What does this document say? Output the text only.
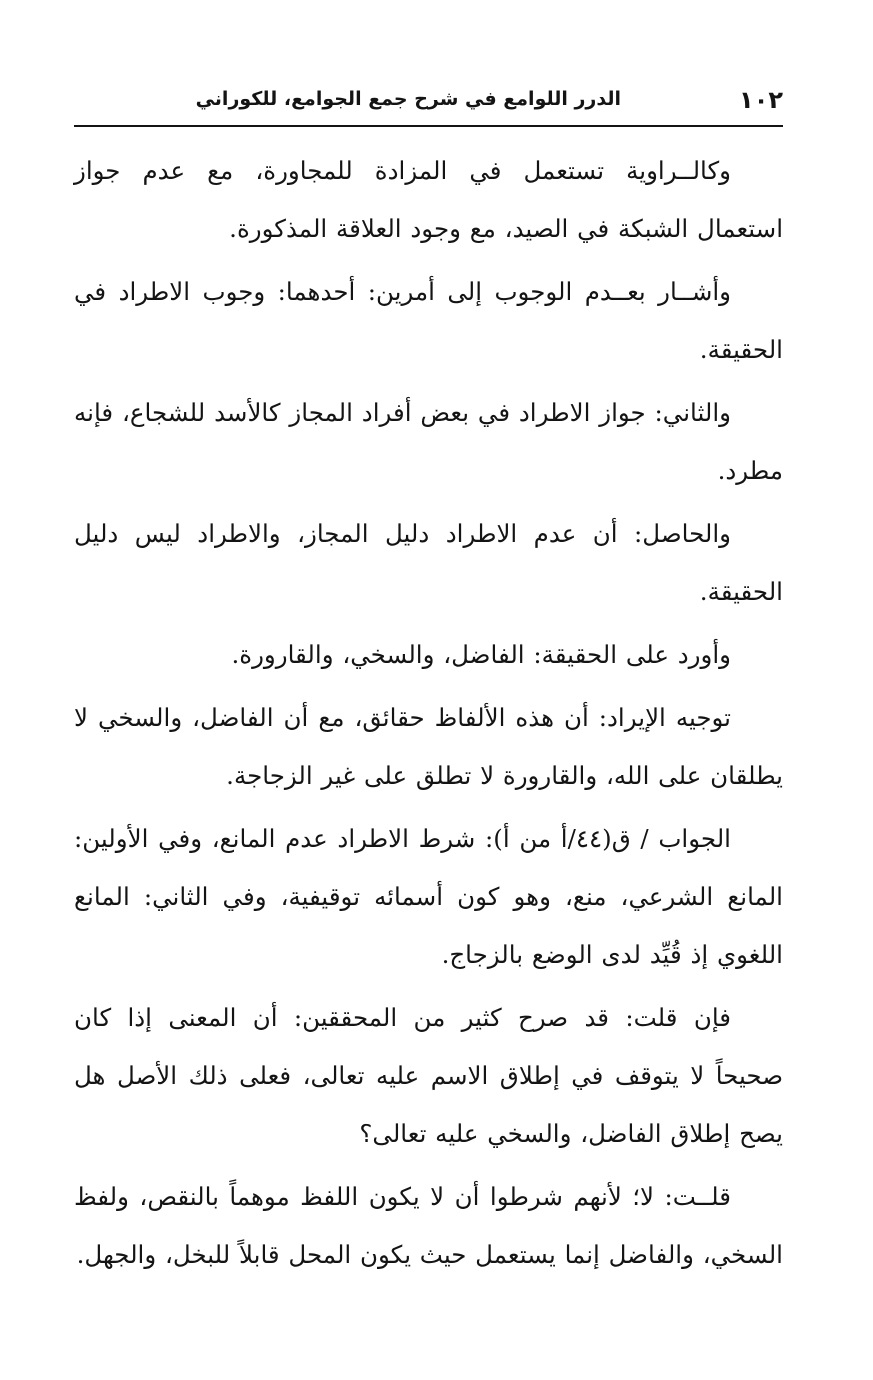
١٠٢
الدرر اللوامع في شرح جمع الجوامع، للكوراني

وكالــراوية تستعمل في المزادة للمجاورة، مع عدم جواز استعمال الشبكة في الصيد، مع وجود العلاقة المذكورة.

وأشــار بعــدم الوجوب إلى أمرين: أحدهما: وجوب الاطراد في الحقيقة.

والثاني: جواز الاطراد في بعض أفراد المجاز كالأسد للشجاع، فإنه مطرد.

والحاصل: أن عدم الاطراد دليل المجاز، والاطراد ليس دليل الحقيقة.

وأورد على الحقيقة: الفاضل، والسخي، والقارورة.

توجيه الإيراد: أن هذه الألفاظ حقائق، مع أن الفاضل، والسخي لا يطلقان على الله، والقارورة لا تطلق على غير الزجاجة.

الجواب / ق(٤٤/أ من أ): شرط الاطراد عدم المانع، وفي الأولين: المانع الشرعي، منع، وهو كون أسمائه توقيفية، وفي الثاني: المانع اللغوي إذ قُيِّد لدى الوضع بالزجاج.

فإن قلت: قد صرح كثير من المحققين: أن المعنى إذا كان صحيحاً لا يتوقف في إطلاق الاسم عليه تعالى، فعلى ذلك الأصل هل يصح إطلاق الفاضل، والسخي عليه تعالى؟

قلــت: لا؛ لأنهم شرطوا أن لا يكون اللفظ موهماً بالنقص، ولفظ السخي، والفاضل إنما يستعمل حيث يكون المحل قابلاً للبخل، والجهل.
